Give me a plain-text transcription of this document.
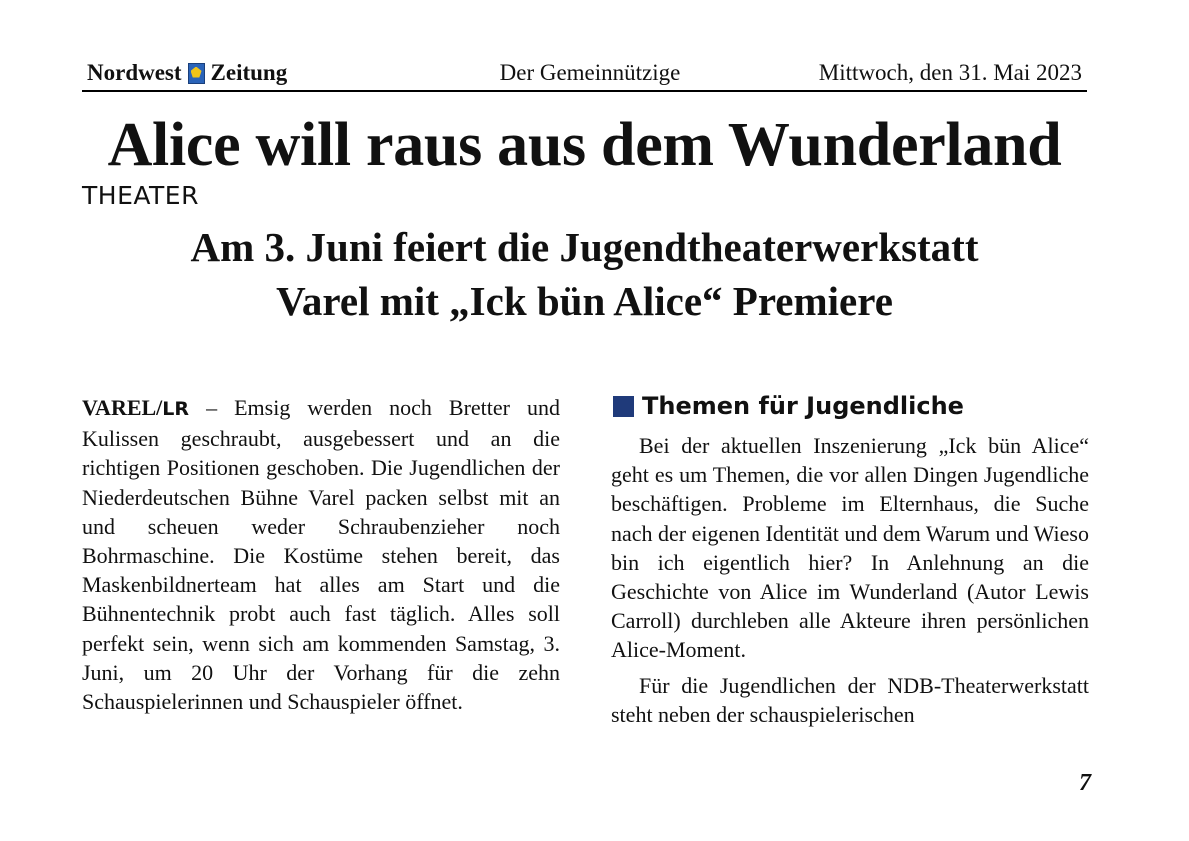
Nordwest Zeitung	Der Gemeinnützige	Mittwoch, den 31. Mai 2023
Alice will raus aus dem Wunderland
THEATER
Am 3. Juni feiert die Jugendtheaterwerkstatt
Varel mit „Ick bün Alice“ Premiere

VAREL/LR – Emsig werden noch Bretter und Kulissen geschraubt, ausgebessert und an die richtigen Positionen geschoben. Die Jugendlichen der Niederdeutschen Bühne Varel packen selbst mit an und scheuen weder Schraubenzieher noch Bohrmaschine. Die Kostüme stehen bereit, das Maskenbildnerteam hat alles am Start und die Bühnentechnik probt auch fast täglich. Alles soll perfekt sein, wenn sich am kommenden Samstag, 3. Juni, um 20 Uhr der Vorhang für die zehn Schauspielerinnen und Schauspieler öffnet.

Themen für Jugendliche

Bei der aktuellen Inszenierung „Ick bün Alice“ geht es um Themen, die vor allen Dingen Jugendliche beschäftigen. Probleme im Elternhaus, die Suche nach der eigenen Identität und dem Warum und Wieso bin ich eigentlich hier? In Anlehnung an die Geschichte von Alice im Wunderland (Autor Lewis Carroll) durchleben alle Akteure ihren persönlichen Alice-Moment.

Für die Jugendlichen der NDB-Theaterwerkstatt steht neben der schauspielerischen

7
